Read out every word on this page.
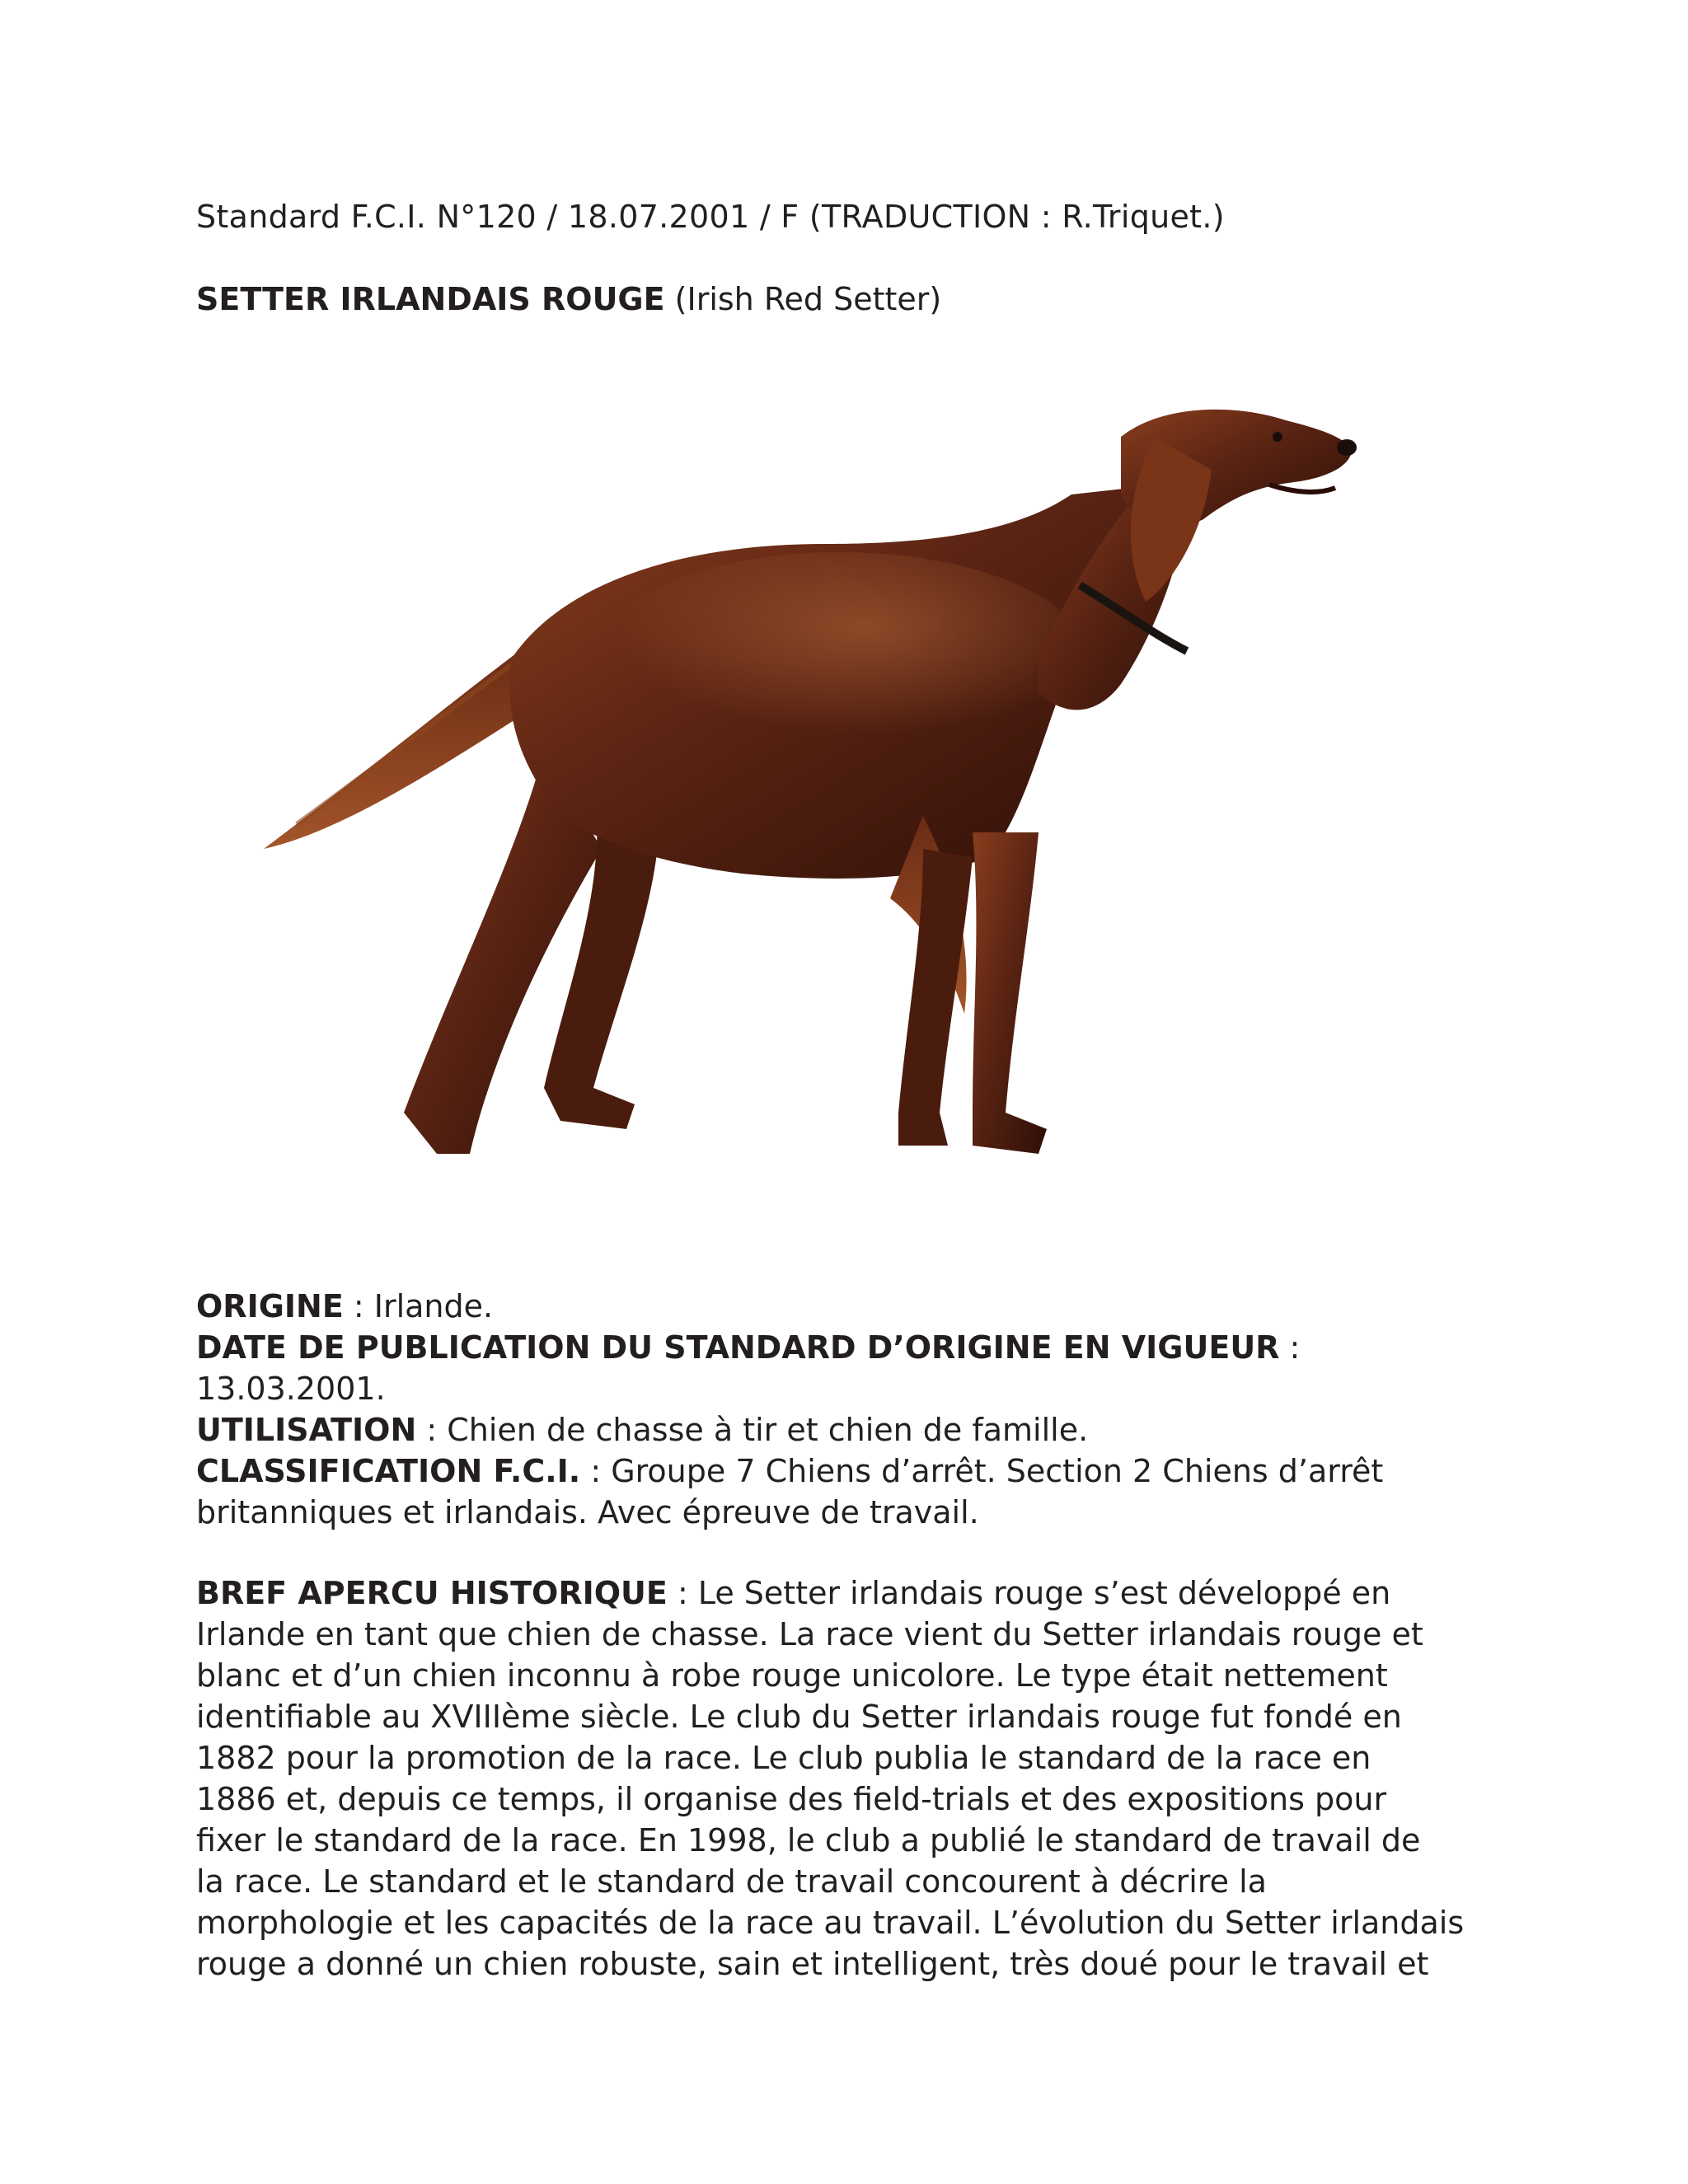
Standard F.C.I. N°120 / 18.07.2001 / F (TRADUCTION : R.Triquet.)
SETTER IRLANDAIS ROUGE (Irish Red Setter)
ORIGINE : Irlande.
DATE DE PUBLICATION DU STANDARD D’ORIGINE EN VIGUEUR :
13.03.2001.
UTILISATION : Chien de chasse à tir et chien de famille.
CLASSIFICATION F.C.I. : Groupe 7 Chiens d’arrêt. Section 2 Chiens d’arrêt
britanniques et irlandais. Avec épreuve de travail.
BREF APERCU HISTORIQUE : Le Setter irlandais rouge s’est développé en
Irlande en tant que chien de chasse. La race vient du Setter irlandais rouge et
blanc et d’un chien inconnu à robe rouge unicolore. Le type était nettement
identifiable au XVIIIème siècle. Le club du Setter irlandais rouge fut fondé en
1882 pour la promotion de la race. Le club publia le standard de la race en
1886 et, depuis ce temps, il organise des field-trials et des expositions pour
fixer le standard de la race. En 1998, le club a publié le standard de travail de
la race. Le standard et le standard de travail concourent à décrire la
morphologie et les capacités de la race au travail. L’évolution du Setter irlandais
rouge a donné un chien robuste, sain et intelligent, très doué pour le travail et
